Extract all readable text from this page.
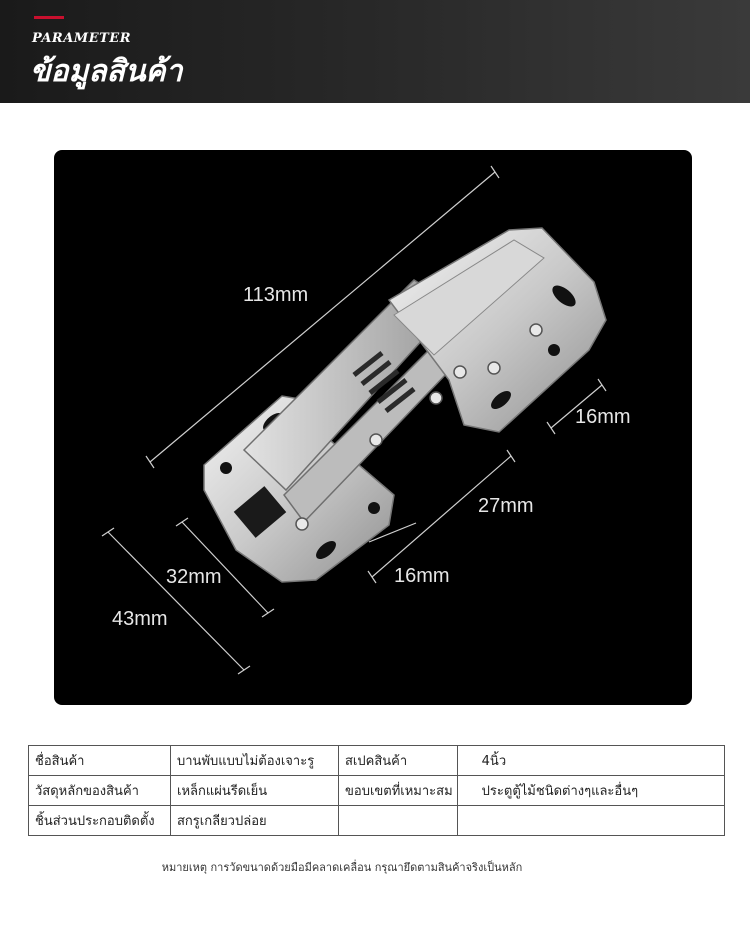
PARAMETER
ข้อมูลสินค้า
113mm
16mm
27mm
32mm	16mm
43mm
ชื่อสินค้า	บานพับแบบไม่ต้องเจาะรู	สเปคสินค้า	4นิ้ว
วัสดุหลักของสินค้า	เหล็กแผ่นรีดเย็น	ขอบเขตที่เหมาะสม	ประตูตู้ไม้ชนิดต่างๆและอื่นๆ
ชิ้นส่วนประกอบติดตั้ง	สกรูเกลียวปล่อย		
หมายเหตุ การวัดขนาดด้วยมือมีคลาดเคลื่อน กรุณายึดตามสินค้าจริงเป็นหลัก
